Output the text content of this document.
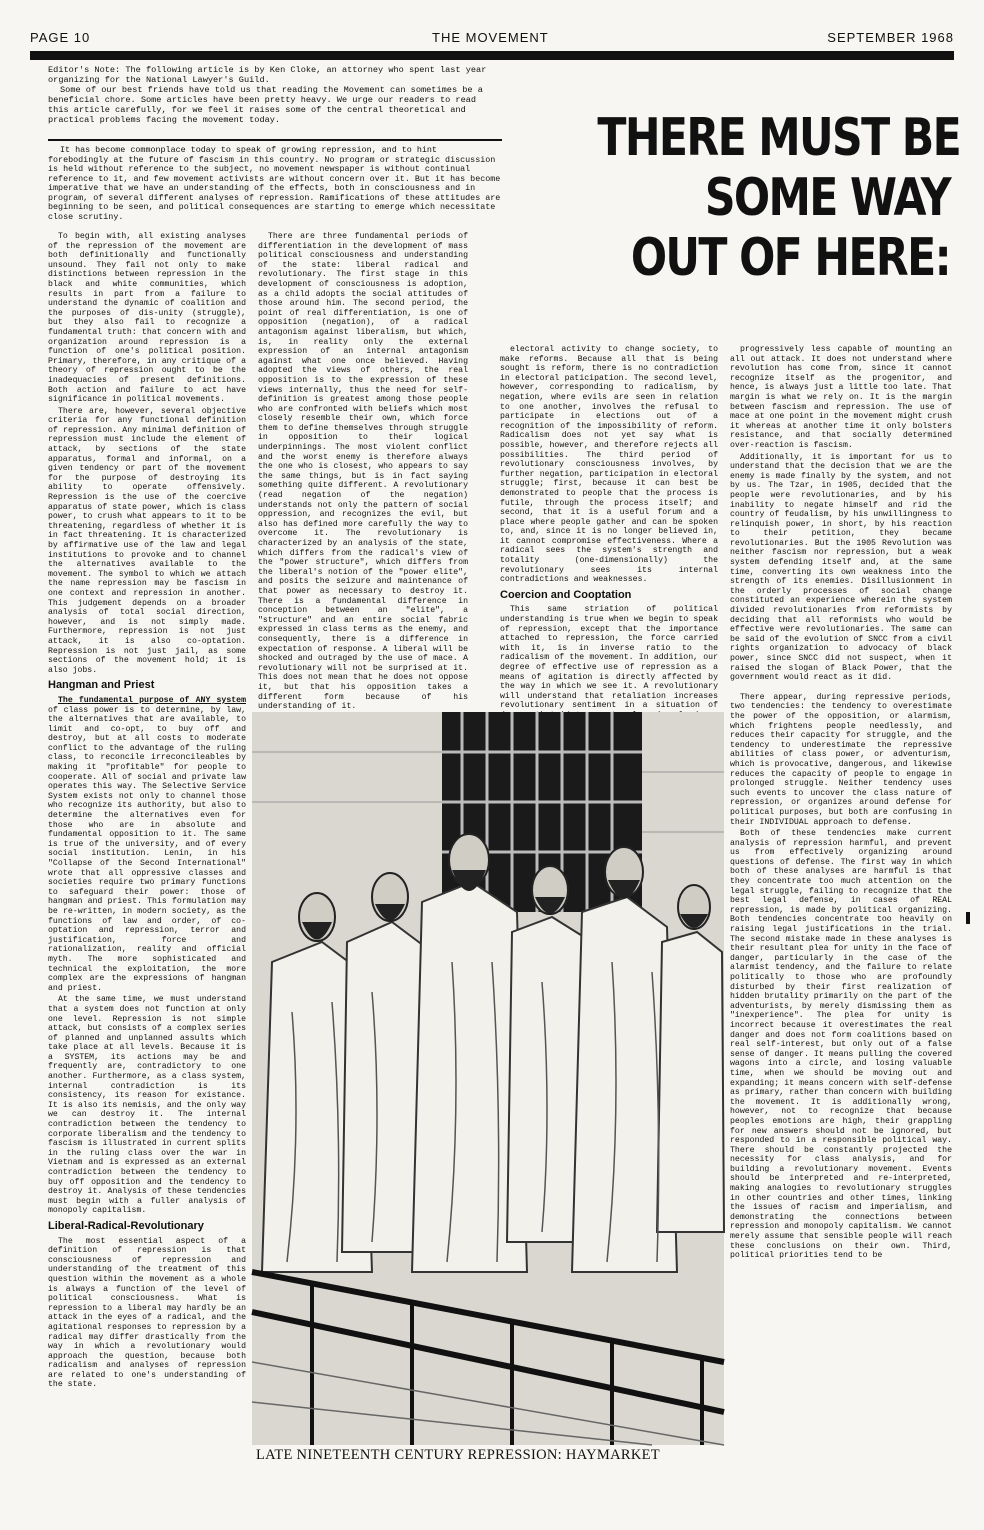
PAGE 10	THE MOVEMENT	SEPTEMBER 1968

Editor's Note: The following article is by Ken Cloke, an attorney who spent last year organizing for the National Lawyer's Guild.

Some of our best friends have told us that reading the Movement can sometimes be a beneficial chore. Some articles have been pretty heavy. We urge our readers to read this article carefully, for we feel it raises some of the central theoretical and practical problems facing the movement today.	THERE MUST BE
SOME WAY
OUT OF HERE:
It has become commonplace today to speak of growing repression, and to hint forebodingly at the future of fascism in this country. No program or strategic discussion is held without reference to the subject, no movement newspaper is without continual reference to it, and few movement activists are without concern over it. But it has become imperative that we have an understanding of the effects, both in consciousness and in program, of several different analyses of repression. Ramifications of these attitudes are beginning to be seen, and political consequences are starting to emerge which necessitate close scrutiny.

To begin with, all existing analyses of the repression of the movement are both definitionally and functionally unsound. They fail not only to make distinctions between repression in the black and white communities, which results in part from a failure to understand the dynamic of coalition and the purposes of dis-unity (struggle), but they also fail to recognize a fundamental truth: that concern with and organization around repression is a function of one's political position. Primary, therefore, in any critique of a theory of repression ought to be the inadequacies of present definitions. Both action and failure to act have significance in political movements.

There are, however, several objective criteria for any functional definition of repression. Any minimal definition of repression must include the element of attack, by sections of the state apparatus, formal and informal, on a given tendency or part of the movement for the purpose of destroying its ability to operate offensively. Repression is the use of the coercive apparatus of state power, which is class power, to crush what appears to it to be threatening, regardless of whether it is in fact threatening. It is characterized by affirmative use of the law and legal institutions to provoke and to channel the alternatives available to the movement. The symbol to which we attach the name repression may be fascism in one context and repression in another. This judgement depends on a broader analysis of total social direction, however, and is not simply made. Furthermore, repression is not just attack, it is also co-optation. Repression is not just jail, as some sections of the movement hold; it is also jobs.

Hangman and Priest

The fundamental purpose of ANY system of class power is to determine, by law, the alternatives that are available, to limit and co-opt, to buy off and destroy, but at all costs to moderate conflict to the advantage of the ruling class, to reconcile irreconcileables by making it "profitable" for people to cooperate. All of social and private law operates this way. The Selective Service System exists not only to channel those who recognize its authority, but also to determine the alternatives even for those who are in absolute and fundamental opposition to it. The same is true of the university, and of every social institution. Lenin, in his "Collapse of the Second International" wrote that all oppressive classes and societies require two primary functions to safeguard their power: those of hangman and priest. This formulation may be re-written, in modern society, as the functions of law and order, of co-optation and repression, terror and justification, force and rationalization, reality and official myth. The more sophisticated and technical the exploitation, the more complex are the expressions of hangman and priest.

At the same time, we must understand that a system does not function at only one level. Repression is not simple attack, but consists of a complex series of planned and unplanned assults which take place at all levels. Because it is a SYSTEM, its actions may be and frequently are, contradictory to one another. Furthermore, as a class system, internal contradiction is its consistency, its reason for existance. It is also its nemisis, and the only way we can destroy it. The internal contradiction between the tendency to corporate liberalism and the tendency to fascism is illustrated in current splits in the ruling class over the war in Vietnam and is expressed as an external contradiction between the tendency to buy off opposition and the tendency to destroy it. Analysis of these tendencies must begin with a fuller analysis of monopoly capitalism.

Liberal-Radical-Revolutionary

The most essential aspect of a definition of repression is that consciousness of repression and understanding of the treatment of this question within the movement as a whole is always a function of the level of political consciousness. What is repression to a liberal may hardly be an attack in the eyes of a radical, and the agitational responses to repression by a radical may differ drastically from the way in which a revolutionary would approach the question, because both radicalism and analyses of repression are related to one's understanding of the state.

There are three fundamental periods of differentiation in the development of mass political consciousness and understanding of the state: liberal radical and revolutionary. The first stage in this development of consciousness is adoption, as a child adopts the social attitudes of those around him. The second period, the point of real differentiation, is one of opposition (negation), of a radical antagonism against liberalism, but which, is, in reality only the external expression of an internal antagonism against what one once believed. Having adopted the views of others, the real opposition is to the expression of these views internally, thus the need for self-definition is greatest among those people who are confronted with beliefs which most closely resemble their own, which force them to define themselves through struggle in opposition to their logical underpinnings. The most violent conflict and the worst enemy is therefore always the one who is closest, who appears to say the same things, but is in fact saying something quite different. A revolutionary (read negation of the negation) understands not only the pattern of social oppression, and recognizes the evil, but also has defined more carefully the way to overcome it. The revolutionary is characterized by an analysis of the state, which differs from the radical's view of the "power structure", which differs from the liberal's notion of the "power elite", and posits the seizure and maintenance of that power as necessary to destroy it. There is a fundamental difference in conception between an "elite", a "structure" and an entire social fabric expressed in class terms as the enemy, and consequently, there is a difference in expectation of response. A liberal will be shocked and outraged by the use of mace. A revolutionary will not be surprised at it. This does not mean that he does not oppose it, but that his opposition takes a different form because of his understanding of it.

electoral activity to change society, to make reforms. Because all that is being sought is reform, there is no contradiction in electoral paticipation. The second level, however, corresponding to radicalism, by negation, where evils are seen in relation to one another, involves the refusal to participate in elections out of a recognition of the impossibility of reform. Radicalism does not yet say what is possible, however, and therefore rejects all possibilities. The third period of revolutionary consciousness involves, by further negation, participation in electoral struggle; first, because it can best be demonstrated to people that the process is futile, through the process itself; and second, that it is a useful forum and a place where people gather and can be spoken to, and, since it is no longer believed in, it cannot compromise effectiveness. Where a radical sees the system's strength and totality (one-dimensionally) the revolutionary sees its internal contradictions and weaknesses.

Coercion and Cooptation

This same striation of political understanding is true when we begin to speak of repression, except that the importance attached to repression, the force carried with it, is in inverse ratio to the radicalism of the movement. In addition, our degree of effective use of repression as a means of agitation is directly affected by the way in which we see it. A revolutionary will understand that retaliation increases revolutionary sentiment in a situation of

progressively less capable of mounting an all out attack. It does not understand where revolution has come from, since it cannot recognize itself as the progenitor, and hence, is always just a little too late. That margin is what we rely on. It is the margin between fascism and repression. The use of mace at one point in the movement might crush it whereas at another time it only bolsters resistance, and that socially determined over-reaction is fascism.

Additionally, it is important for us to understand that the decision that we are the enemy is made finally by the system, and not by us. The Tzar, in 1905, decided that the people were revolutionaries, and by his inability to negate himself and rid the country of feudalism, by his unwillingness to relinquish power, in short, by his reaction to their petition, they became revolutionaries. But the 1905 Revolution was neither fascism nor repression, but a weak system defending itself and, at the same time, converting its own weakness into the strength of its enemies. Disillusionment in the orderly processes of social change constituted an experience wherein the system divided revolutionaries from reformists by deciding that all reformists who would be effective were revolutionaries. The same can be said of the evolution of SNCC from a civil rights organization to advocacy of black power, since SNCC did not suspect, when it raised the slogan of Black Power, that the government would react as it did.

There appear, during repressive periods, two tendencies: the tendency to overestimate the power of the opposition, or alarmism, which frightens people needlessly, and reduces their capacity for struggle, and the tendency to underestimate the repressive abilities of class power, or adventurism, which is provocative, dangerous, and likewise reduces the capacity of people to engage in prolonged struggle. Neither tendency uses such events to uncover the class nature of repression, or organizes around defense for political purposes, but both are confusing in their INDIVIDUAL approach to defense.

Both of these tendencies make current analysis of repression harmful, and prevent us from effectively organizing around questions of defense. The first way in which both of these analyses are harmful is that they concentrate too much attention on the legal struggle, failing to recognize that the best legal defense, in cases of REAL repression, is made by political organizing. Both tendencies concentrate too heavily on raising legal justifications in the trial. The second mistake made in these analyses is their resultant plea for unity in the face of danger, particularly in the case of the alarmist tendency, and the failure to relate politically to those who are profoundly disturbed by their first realization of hidden brutality primarily on the part of the adventurists, by merely dismissing them as "inexperience". The plea for unity is incorrect because it overestimates the real danger and does not form coalitions based on real self-interest, but only out of a false sense of danger. It means pulling the covered wagons into a circle, and losing valuable time, when we should be moving out and expanding; it means concern with self-defense as primary, rather than concern with building the movement. It is additionally wrong, however, not to recognize that because peoples emotions are high, their grappling for new answers should not be ignored, but responded to in a responsible political way. There should be constantly projected the necessity for class analysis, and for building a revolutionary movement. Events should be interpreted and re-interpreted, making analogies to revolutionary struggles in other countries and other times, linking the issues of racism and imperialism, and demonstrating the connections between repression and monopoly capitalism. We cannot merely assume that sensible people will reach these conclusions on their own. Third, political priorities tend to be

LATE NINETEENTH CENTURY REPRESSION: HAYMARKET
